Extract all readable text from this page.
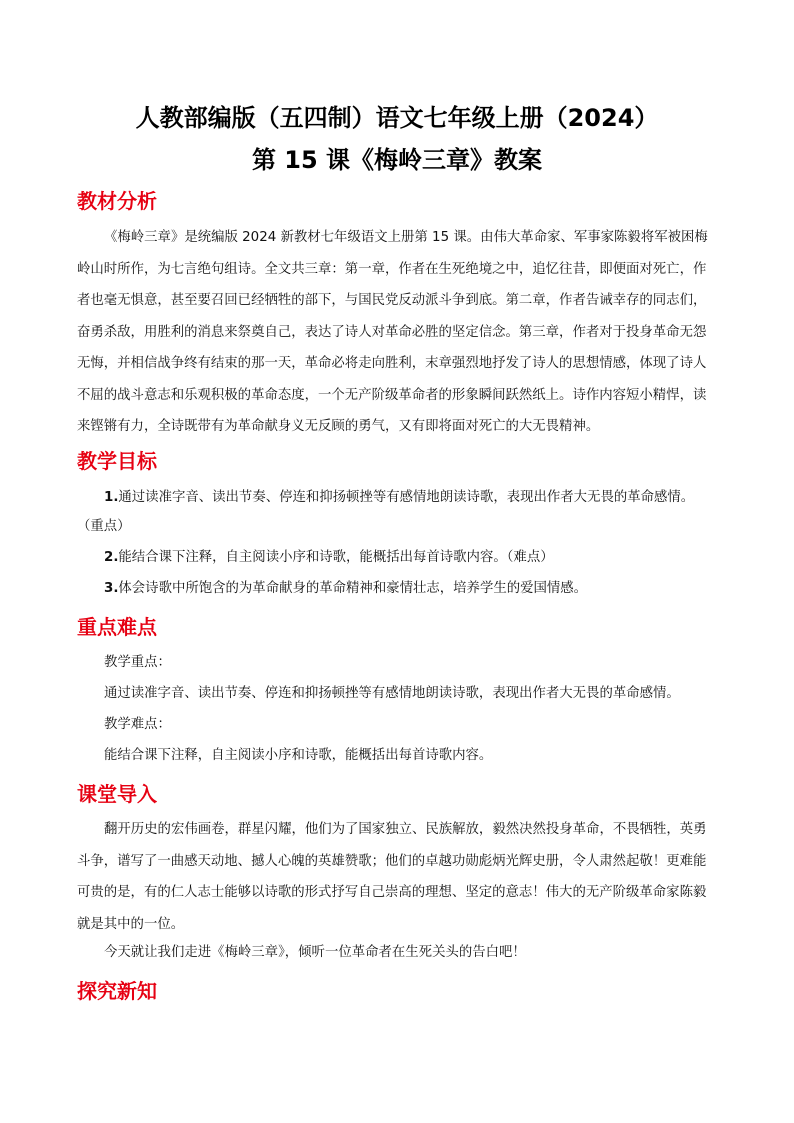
人教部编版（五四制）语文七年级上册（2024）
第 15 课《梅岭三章》教案
教材分析
《梅岭三章》是统编版 2024 新教材七年级语文上册第 15 课。由伟大革命家、军事家陈毅将军被困梅岭山时所作，为七言绝句组诗。全文共三章：第一章，作者在生死绝境之中，追忆往昔，即便面对死亡，作者也毫无惧意，甚至要召回已经牺牲的部下，与国民党反动派斗争到底。第二章，作者告诫幸存的同志们，奋勇杀敌，用胜利的消息来祭奠自己，表达了诗人对革命必胜的坚定信念。第三章，作者对于投身革命无怨无悔，并相信战争终有结束的那一天，革命必将走向胜利，末章强烈地抒发了诗人的思想情感，体现了诗人不屈的战斗意志和乐观积极的革命态度，一个无产阶级革命者的形象瞬间跃然纸上。诗作内容短小精悍，读来铿锵有力，全诗既带有为革命献身义无反顾的勇气，又有即将面对死亡的大无畏精神。
教学目标
1.通过读准字音、读出节奏、停连和抑扬顿挫等有感情地朗读诗歌，表现出作者大无畏的革命感情。
（重点）
2.能结合课下注释，自主阅读小序和诗歌，能概括出每首诗歌内容。（难点）
3.体会诗歌中所饱含的为革命献身的革命精神和豪情壮志，培养学生的爱国情感。
重点难点
教学重点：
通过读准字音、读出节奏、停连和抑扬顿挫等有感情地朗读诗歌，表现出作者大无畏的革命感情。
教学难点：
能结合课下注释，自主阅读小序和诗歌，能概括出每首诗歌内容。
课堂导入
翻开历史的宏伟画卷，群星闪耀，他们为了国家独立、民族解放，毅然决然投身革命，不畏牺牲，英勇斗争，谱写了一曲感天动地、撼人心魄的英雄赞歌；他们的卓越功勋彪炳光辉史册，令人肃然起敬！更难能可贵的是，有的仁人志士能够以诗歌的形式抒写自己崇高的理想、坚定的意志！伟大的无产阶级革命家陈毅就是其中的一位。
今天就让我们走进《梅岭三章》，倾听一位革命者在生死关头的告白吧！
探究新知
